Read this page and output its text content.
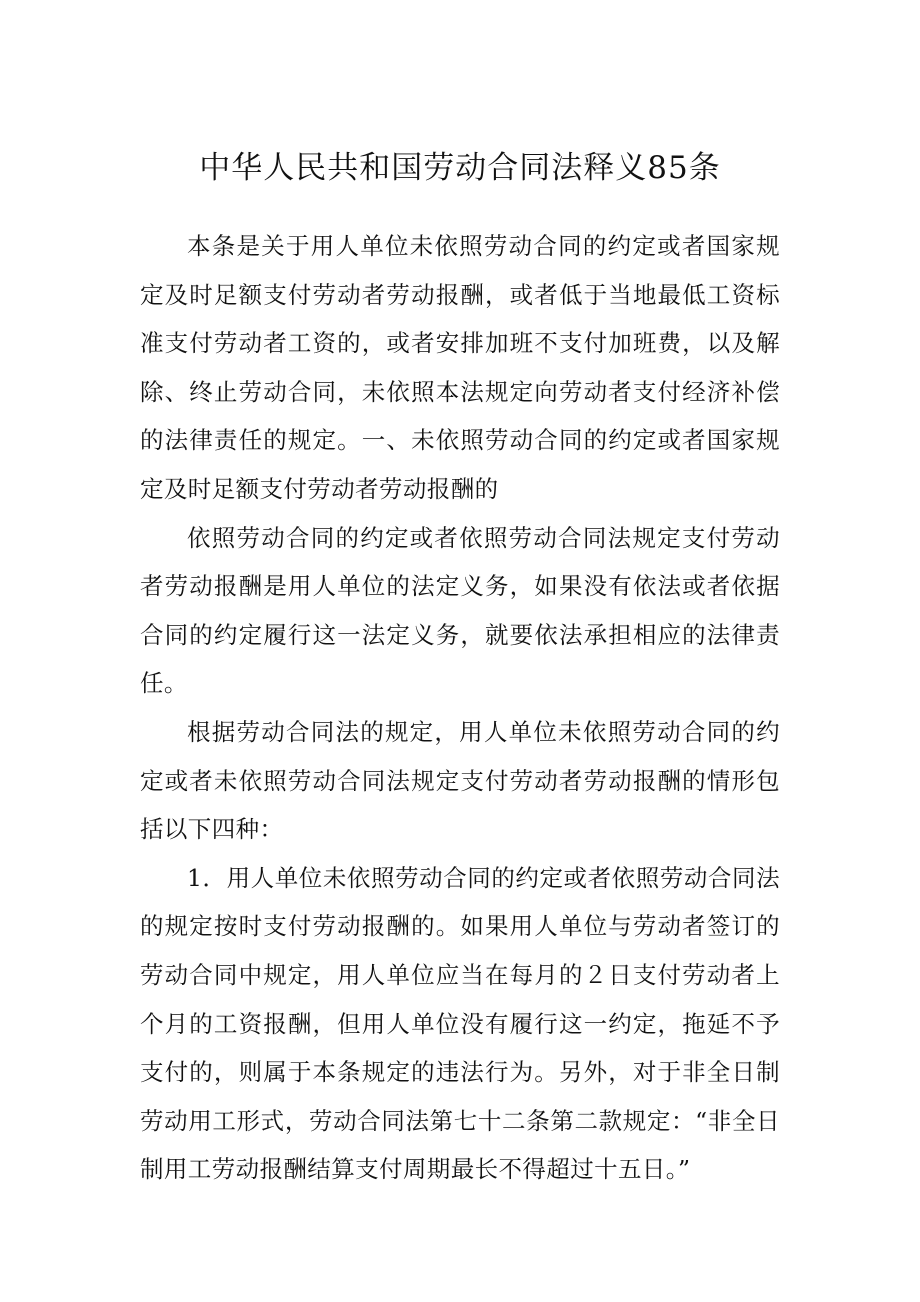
中华人民共和国劳动合同法释义85条

本条是关于用人单位未依照劳动合同的约定或者国家规定及时足额支付劳动者劳动报酬，或者低于当地最低工资标准支付劳动者工资的，或者安排加班不支付加班费，以及解除、终止劳动合同，未依照本法规定向劳动者支付经济补偿的法律责任的规定。一、未依照劳动合同的约定或者国家规定及时足额支付劳动者劳动报酬的

依照劳动合同的约定或者依照劳动合同法规定支付劳动者劳动报酬是用人单位的法定义务，如果没有依法或者依据合同的约定履行这一法定义务，就要依法承担相应的法律责任。

根据劳动合同法的规定，用人单位未依照劳动合同的约定或者未依照劳动合同法规定支付劳动者劳动报酬的情形包括以下四种：

1．用人单位未依照劳动合同的约定或者依照劳动合同法的规定按时支付劳动报酬的。如果用人单位与劳动者签订的劳动合同中规定，用人单位应当在每月的２日支付劳动者上个月的工资报酬，但用人单位没有履行这一约定，拖延不予支付的，则属于本条规定的违法行为。另外，对于非全日制劳动用工形式，劳动合同法第七十二条第二款规定：“非全日制用工劳动报酬结算支付周期最长不得超过十五日。”
